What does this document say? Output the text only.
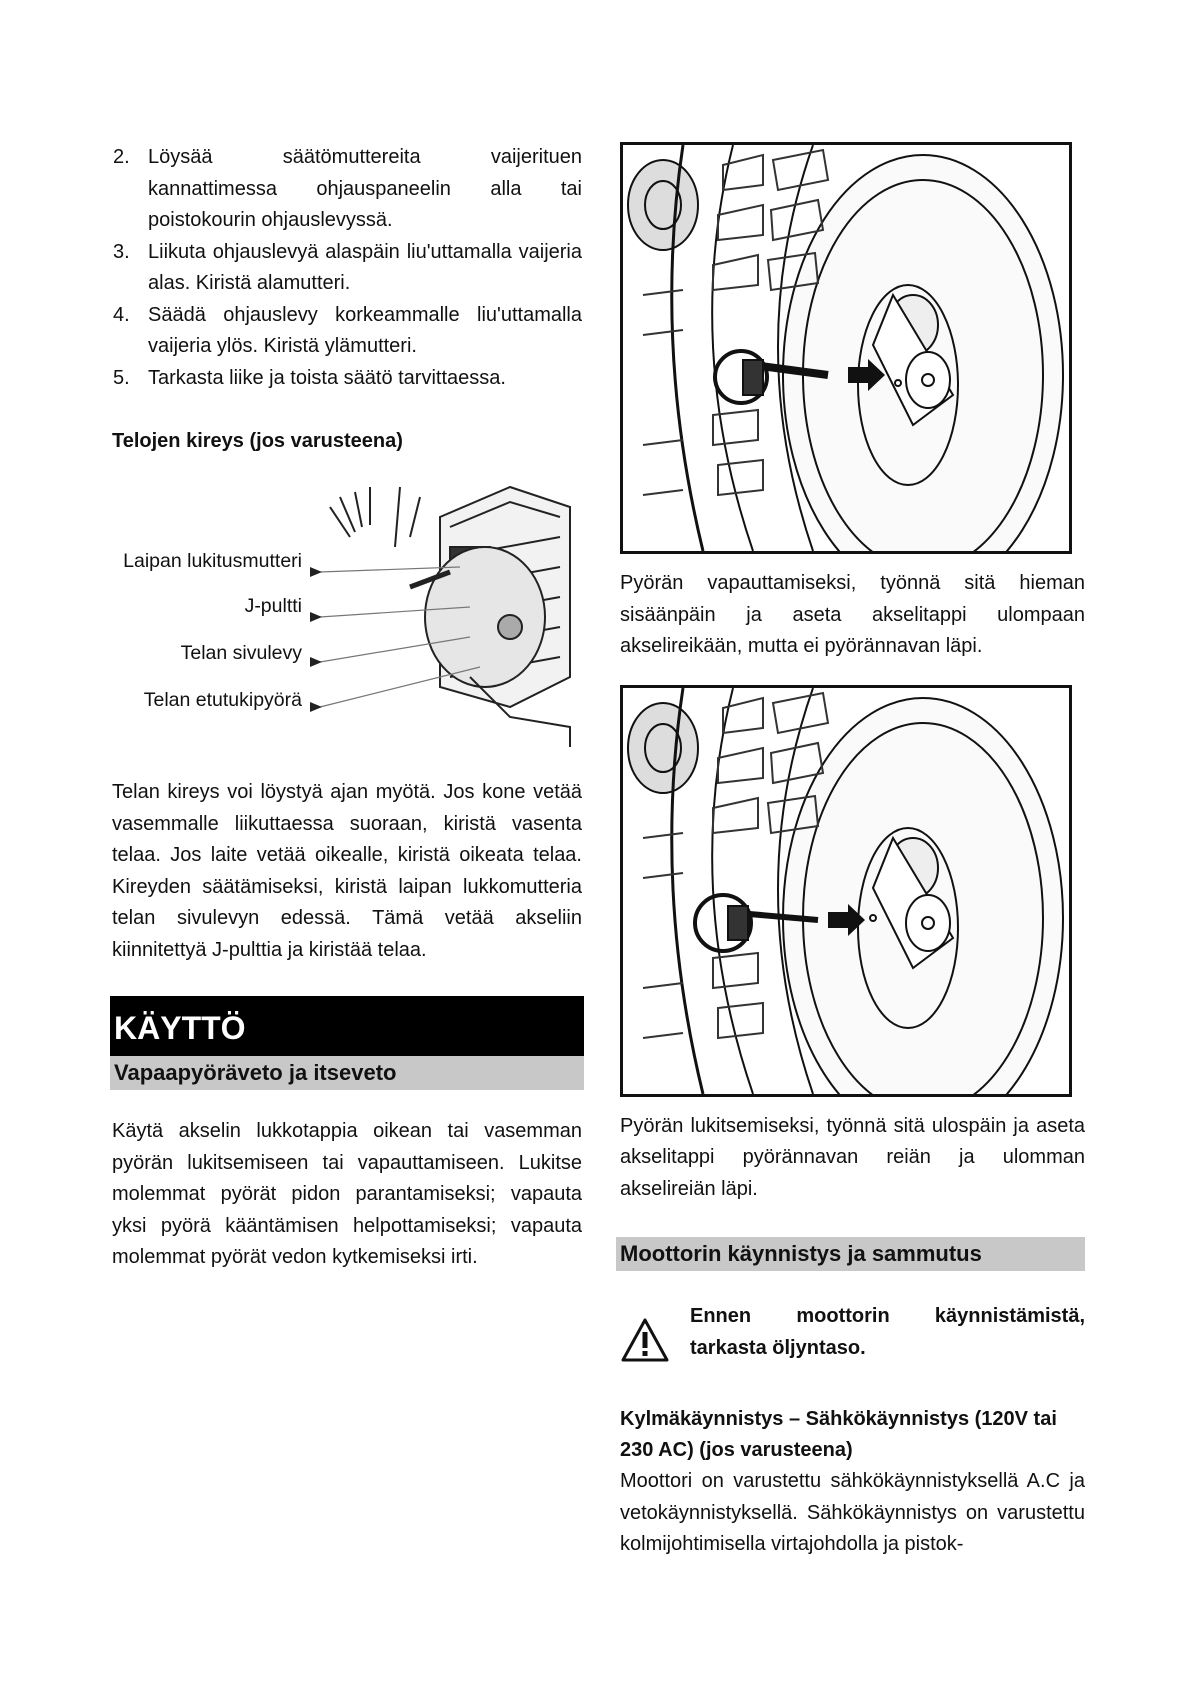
2. Löysää säätömuttereita vaijerituen kannattimessa ohjauspaneelin alla tai poistokourin ohjauslevyssä.
3. Liikuta ohjauslevyä alaspäin liu'uttamalla vaijeria alas. Kiristä alamutteri.
4. Säädä ohjauslevy korkeammalle liu'uttamalla vaijeria ylös. Kiristä ylämutteri.
5. Tarkasta liike ja toista säätö tarvittaessa.
Telojen kireys (jos varusteena)
Laipan lukitusmutteri
J-pultti
Telan sivulevy
Telan etutukipyörä

Telan kireys voi löystyä ajan myötä. Jos kone vetää vasemmalle liikuttaessa suoraan, kiristä vasenta telaa. Jos laite vetää oikealle, kiristä oikeata telaa. Kireyden säätämiseksi, kiristä laipan lukkomutteria telan sivulevyn edessä. Tämä vetää akseliin kiinnitettyä J-pulttia ja kiristää telaa.

KÄYTTÖ
Vapaapyöräveto ja itseveto

Käytä akselin lukkotappia oikean tai vasemman pyörän lukitsemiseen tai vapauttamiseen. Lukitse molemmat pyörät pidon parantamiseksi; vapauta yksi pyörä kääntämisen helpottamiseksi; vapauta molemmat pyörät vedon kytkemiseksi irti.

Pyörän vapauttamiseksi, työnnä sitä hieman sisäänpäin ja aseta akselitappi ulompaan akselireikään, mutta ei pyörännavan läpi.

Pyörän lukitsemiseksi, työnnä sitä ulospäin ja aseta akselitappi pyörännavan reiän ja ulomman akselireiän läpi.

Moottorin käynnistys ja sammutus

Ennen moottorin käynnistämistä, tarkasta öljyntaso.

Kylmäkäynnistys – Sähkökäynnistys (120V tai 230 AC) (jos varusteena)

Moottori on varustettu sähkökäynnistyksellä A.C ja vetokäynnistyksellä. Sähkökäynnistys on varustettu kolmijohtimisella virtajohdolla ja pistok-
